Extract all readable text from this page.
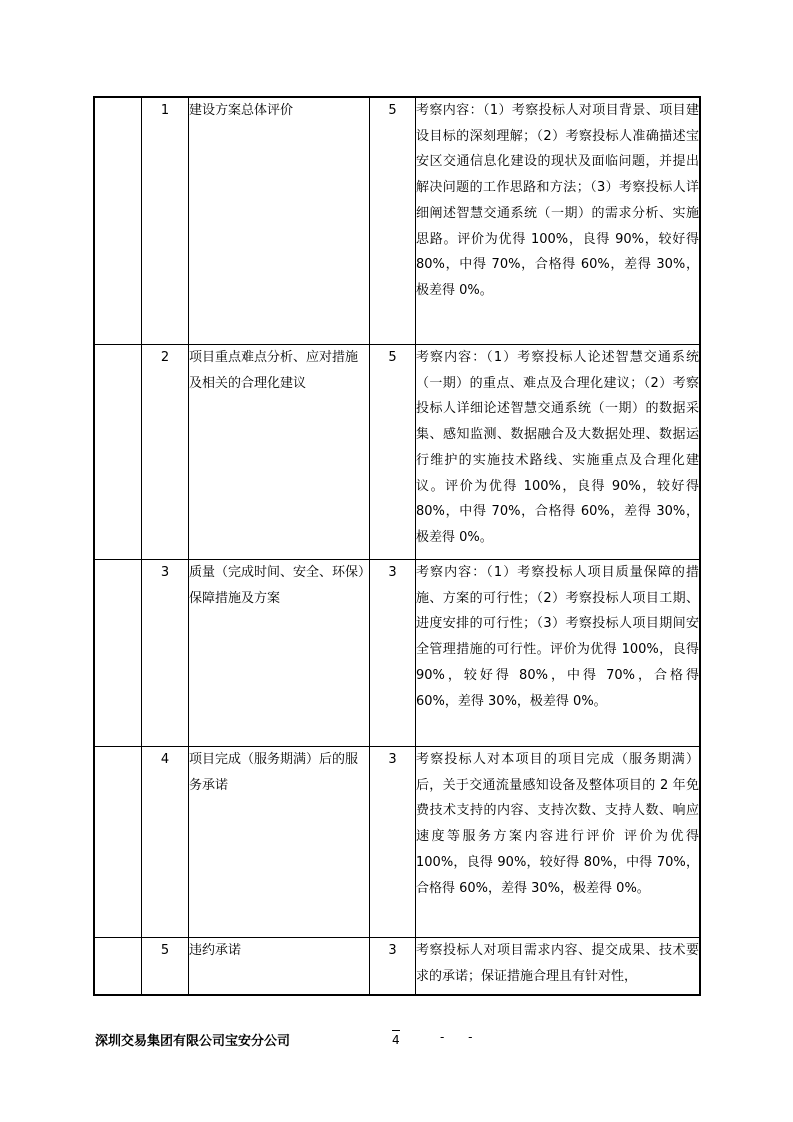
	1	建设方案总体评价	5	考察内容：（1）考察投标人对项目背景、项目建设目标的深刻理解；（2）考察投标人准确描述宝安区交通信息化建设的现状及面临问题，并提出解决问题的工作思路和方法；（3）考察投标人详细阐述智慧交通系统（一期）的需求分析、实施思路。评价为优得 100%，良得 90%，较好得 80%，中得 70%，合格得 60%，差得 30%，极差得 0%。

	2	项目重点难点分析、应对措施及相关的合理化建议	5	考察内容：（1）考察投标人论述智慧交通系统（一期）的重点、难点及合理化建议；（2）考察投标人详细论述智慧交通系统（一期）的数据采集、感知监测、数据融合及大数据处理、数据运行维护的实施技术路线、实施重点及合理化建议。评价为优得 100%，良得 90%，较好得 80%，中得 70%，合格得 60%，差得 30%，极差得 0%。

	3	质量（完成时间、安全、环保）保障措施及方案	3	考察内容：（1）考察投标人项目质量保障的措施、方案的可行性；（2）考察投标人项目工期、进度安排的可行性；（3）考察投标人项目期间安全管理措施的可行性。评价为优得 100%，良得 90%，较好得 80%，中得 70%，合格得 60%，差得 30%，极差得 0%。

	4	项目完成（服务期满）后的服务承诺	3	考察投标人对本项目的项目完成（服务期满）后，关于交通流量感知设备及整体项目的 2 年免费技术支持的内容、支持次数、支持人数、响应速度等服务方案内容进行评价 评价为优得 100%，良得 90%，较好得 80%，中得 70%，合格得 60%，差得 30%，极差得 0%。

	5	违约承诺	3	考察投标人对项目需求内容、提交成果、技术要求的承诺；保证措施合理且有针对性，

深圳交易集团有限公司宝安分公司	4	- -
